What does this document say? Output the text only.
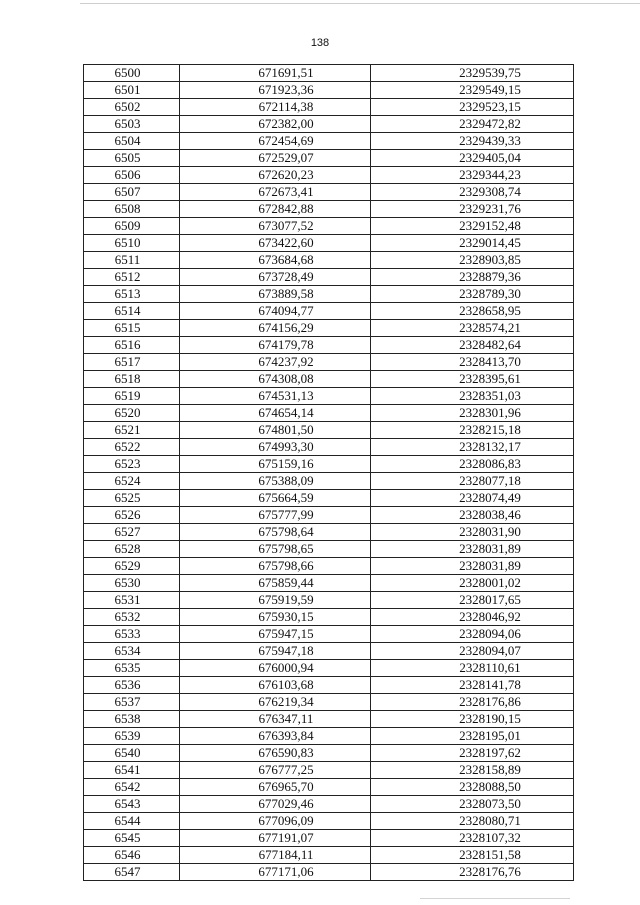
138
6500	671691,51	2329539,75
6501	671923,36	2329549,15
6502	672114,38	2329523,15
6503	672382,00	2329472,82
6504	672454,69	2329439,33
6505	672529,07	2329405,04
6506	672620,23	2329344,23
6507	672673,41	2329308,74
6508	672842,88	2329231,76
6509	673077,52	2329152,48
6510	673422,60	2329014,45
6511	673684,68	2328903,85
6512	673728,49	2328879,36
6513	673889,58	2328789,30
6514	674094,77	2328658,95
6515	674156,29	2328574,21
6516	674179,78	2328482,64
6517	674237,92	2328413,70
6518	674308,08	2328395,61
6519	674531,13	2328351,03
6520	674654,14	2328301,96
6521	674801,50	2328215,18
6522	674993,30	2328132,17
6523	675159,16	2328086,83
6524	675388,09	2328077,18
6525	675664,59	2328074,49
6526	675777,99	2328038,46
6527	675798,64	2328031,90
6528	675798,65	2328031,89
6529	675798,66	2328031,89
6530	675859,44	2328001,02
6531	675919,59	2328017,65
6532	675930,15	2328046,92
6533	675947,15	2328094,06
6534	675947,18	2328094,07
6535	676000,94	2328110,61
6536	676103,68	2328141,78
6537	676219,34	2328176,86
6538	676347,11	2328190,15
6539	676393,84	2328195,01
6540	676590,83	2328197,62
6541	676777,25	2328158,89
6542	676965,70	2328088,50
6543	677029,46	2328073,50
6544	677096,09	2328080,71
6545	677191,07	2328107,32
6546	677184,11	2328151,58
6547	677171,06	2328176,76
